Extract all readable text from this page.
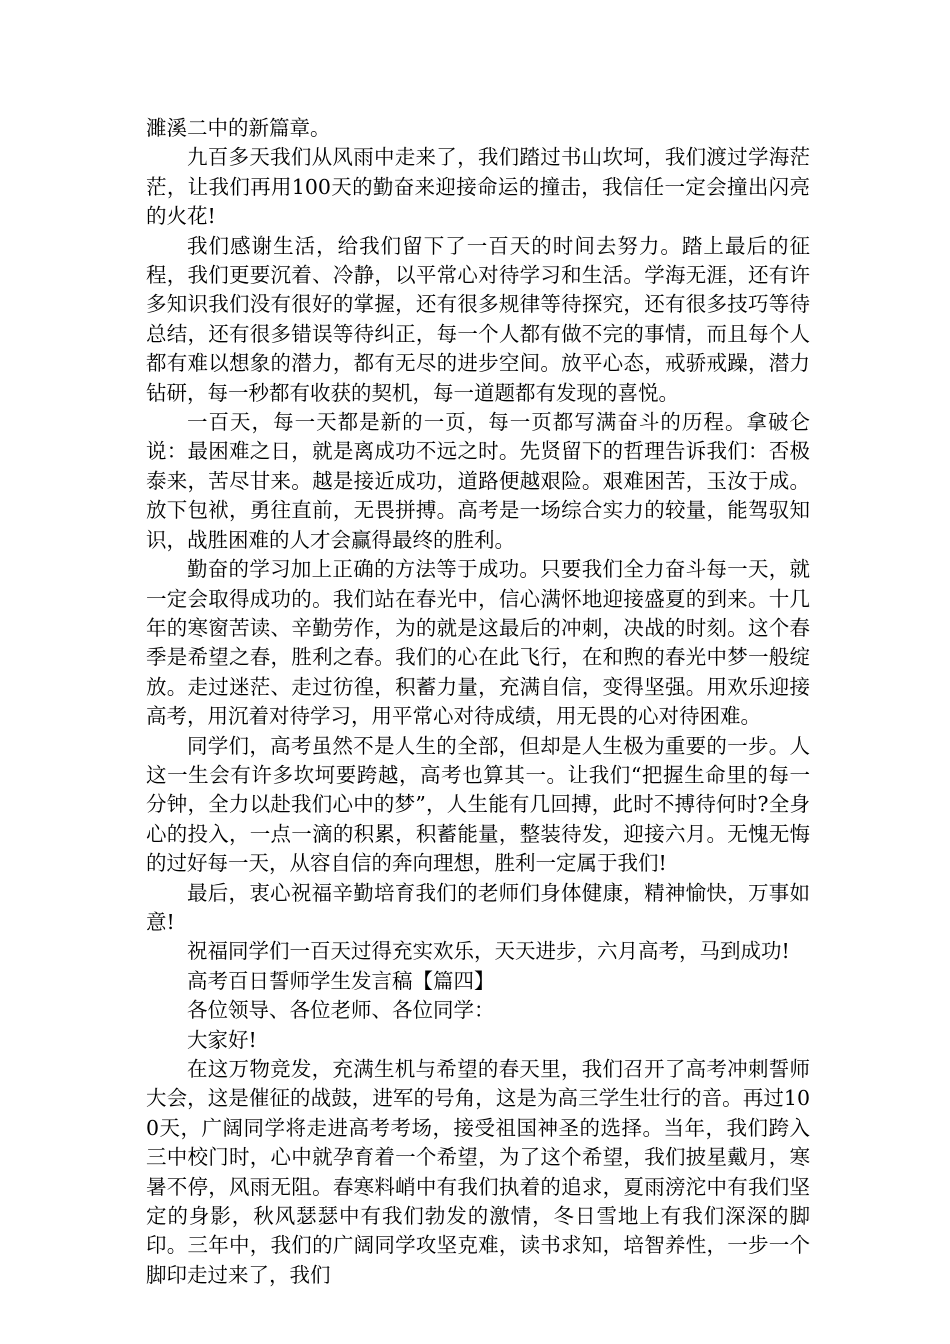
濉溪二中的新篇章。

九百多天我们从风雨中走来了，我们踏过书山坎坷，我们渡过学海茫茫，让我们再用100天的勤奋来迎接命运的撞击，我信任一定会撞出闪亮的火花!

我们感谢生活，给我们留下了一百天的时间去努力。踏上最后的征程，我们更要沉着、冷静，以平常心对待学习和生活。学海无涯，还有许多知识我们没有很好的掌握，还有很多规律等待探究，还有很多技巧等待总结，还有很多错误等待纠正，每一个人都有做不完的事情，而且每个人都有难以想象的潜力，都有无尽的进步空间。放平心态，戒骄戒躁，潜力钻研，每一秒都有收获的契机，每一道题都有发现的喜悦。

一百天，每一天都是新的一页，每一页都写满奋斗的历程。拿破仑说：最困难之日，就是离成功不远之时。先贤留下的哲理告诉我们：否极泰来，苦尽甘来。越是接近成功，道路便越艰险。艰难困苦，玉汝于成。放下包袱，勇往直前，无畏拼搏。高考是一场综合实力的较量，能驾驭知识，战胜困难的人才会赢得最终的胜利。

勤奋的学习加上正确的方法等于成功。只要我们全力奋斗每一天，就一定会取得成功的。我们站在春光中，信心满怀地迎接盛夏的到来。十几年的寒窗苦读、辛勤劳作，为的就是这最后的冲刺，决战的时刻。这个春季是希望之春，胜利之春。我们的心在此飞行，在和煦的春光中梦一般绽放。走过迷茫、走过彷徨，积蓄力量，充满自信，变得坚强。用欢乐迎接高考，用沉着对待学习，用平常心对待成绩，用无畏的心对待困难。

同学们，高考虽然不是人生的全部，但却是人生极为重要的一步。人这一生会有许多坎坷要跨越，高考也算其一。让我们“把握生命里的每一分钟，全力以赴我们心中的梦”，人生能有几回搏，此时不搏待何时?全身心的投入，一点一滴的积累，积蓄能量，整装待发，迎接六月。无愧无悔的过好每一天，从容自信的奔向理想，胜利一定属于我们!

最后，衷心祝福辛勤培育我们的老师们身体健康，精神愉快，万事如意!

祝福同学们一百天过得充实欢乐，天天进步，六月高考，马到成功!

高考百日誓师学生发言稿【篇四】

各位领导、各位老师、各位同学：

大家好!

在这万物竞发，充满生机与希望的春天里，我们召开了高考冲刺誓师大会，这是催征的战鼓，进军的号角，这是为高三学生壮行的音。再过100天，广阔同学将走进高考考场，接受祖国神圣的选择。当年，我们跨入三中校门时，心中就孕育着一个希望，为了这个希望，我们披星戴月，寒暑不停，风雨无阻。春寒料峭中有我们执着的追求，夏雨滂沱中有我们坚定的身影，秋风瑟瑟中有我们勃发的激情，冬日雪地上有我们深深的脚印。三年中，我们的广阔同学攻坚克难，读书求知，培智养性，一步一个脚印走过来了，我们
